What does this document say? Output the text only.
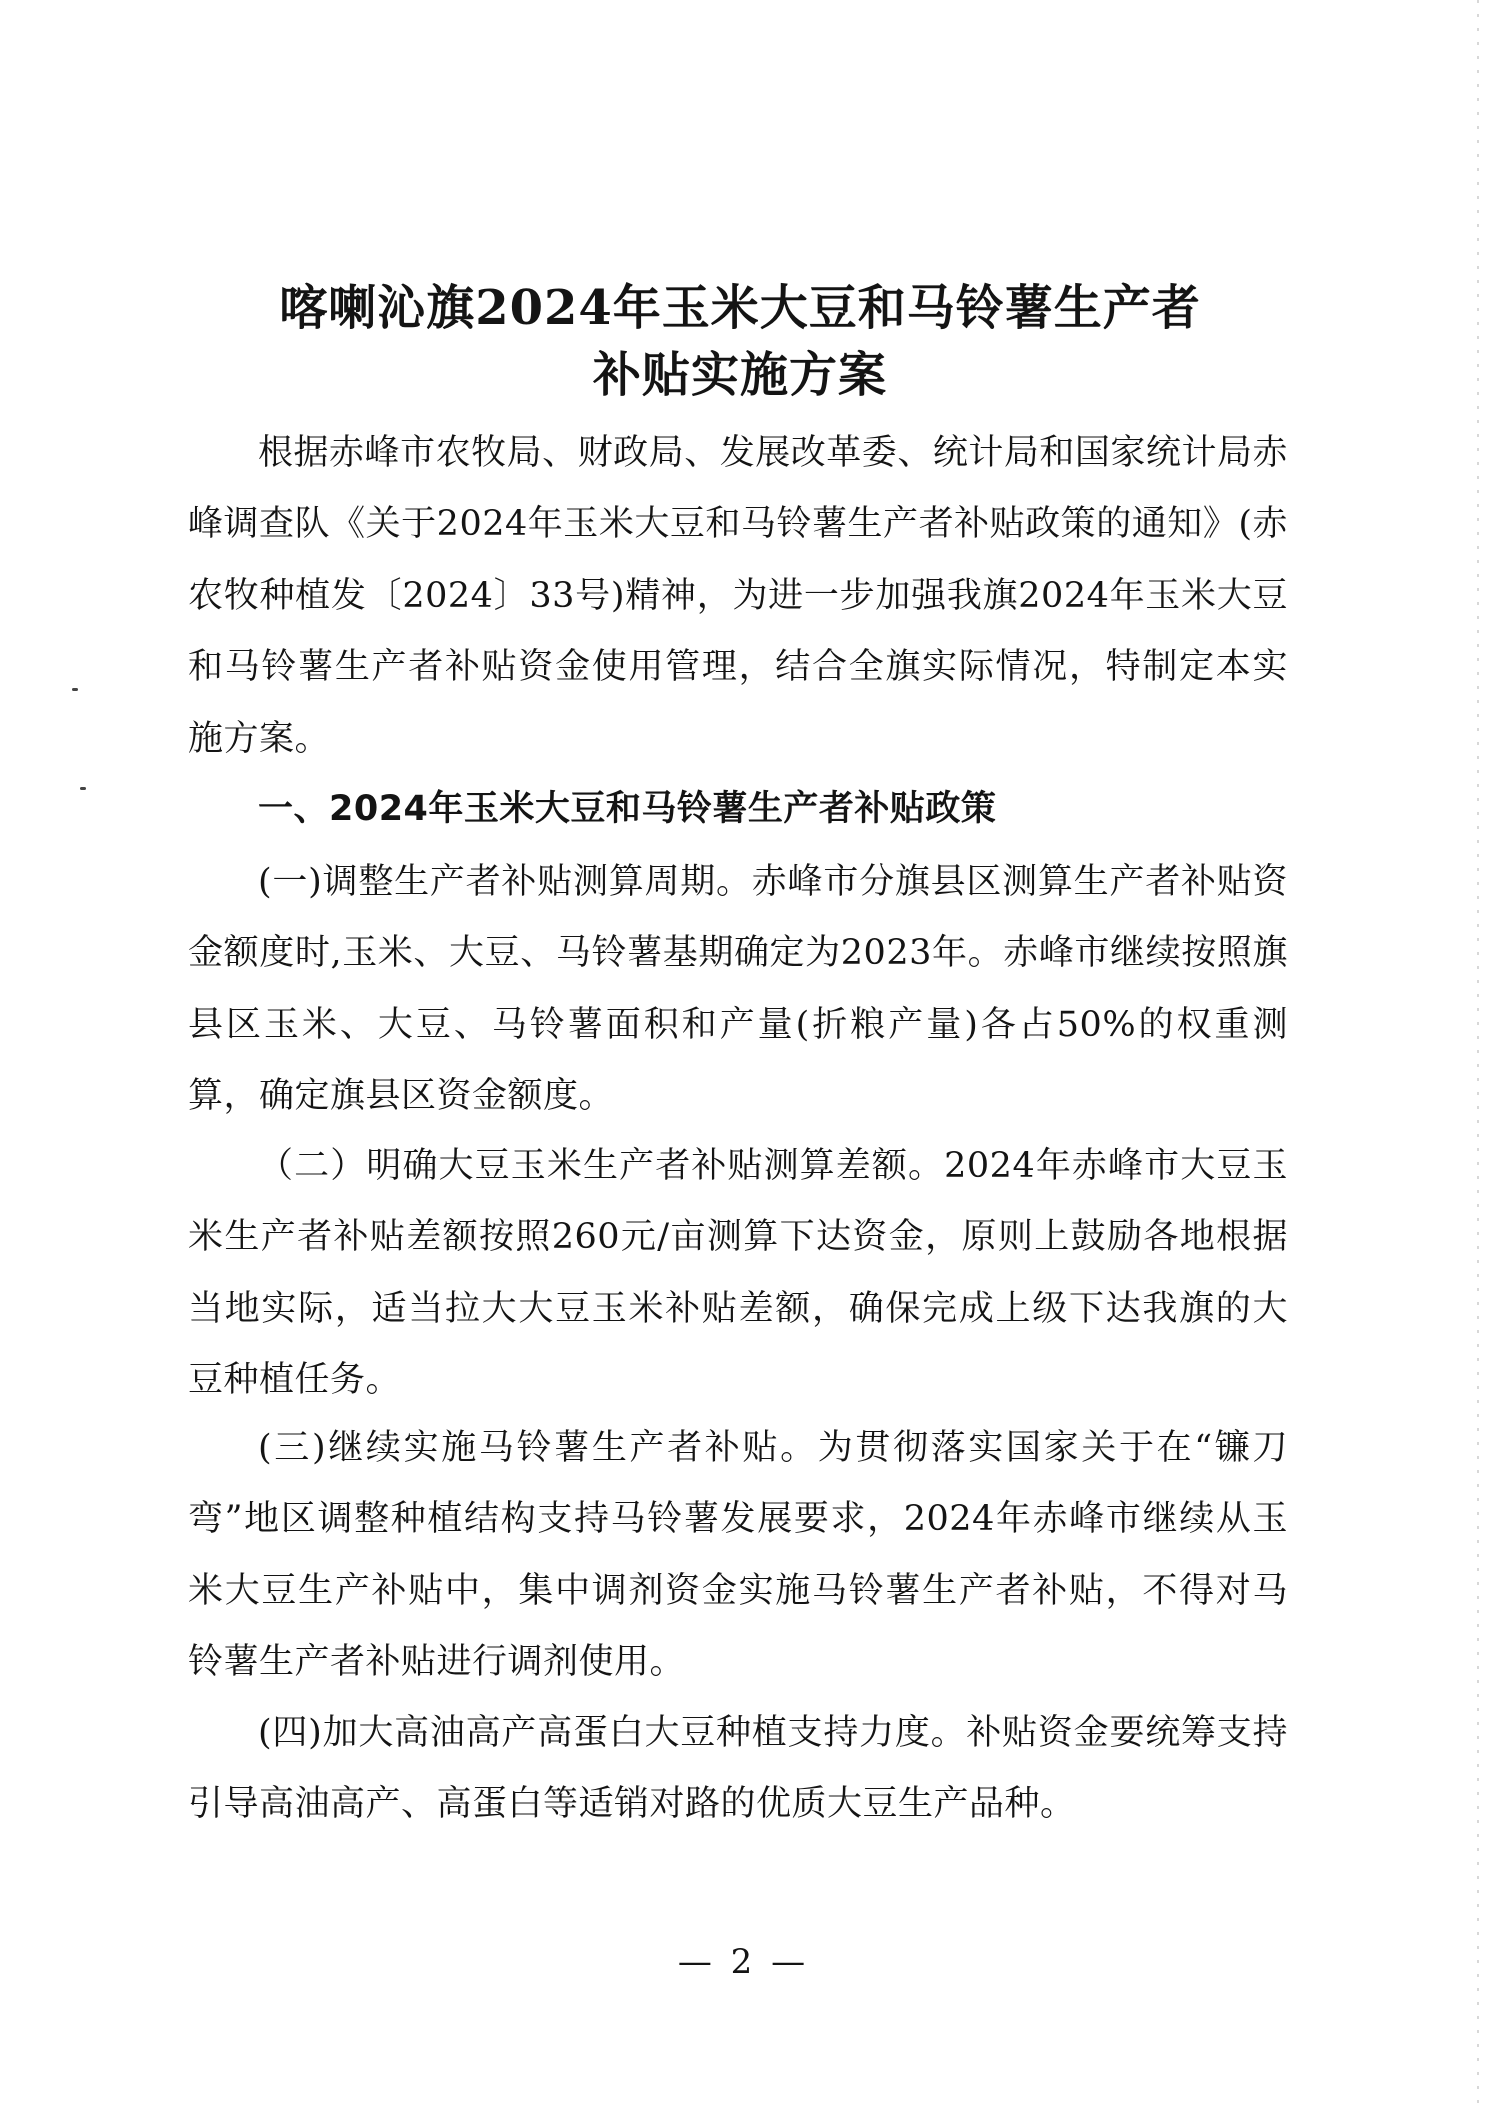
喀喇沁旗2024年玉米大豆和马铃薯生产者
补贴实施方案

根据赤峰市农牧局、财政局、发展改革委、统计局和国家统计局赤峰调查队《关于2024年玉米大豆和马铃薯生产者补贴政策的通知》(赤农牧种植发〔2024〕33号)精神，为进一步加强我旗2024年玉米大豆和马铃薯生产者补贴资金使用管理，结合全旗实际情况，特制定本实施方案。

一、2024年玉米大豆和马铃薯生产者补贴政策

(一)调整生产者补贴测算周期。赤峰市分旗县区测算生产者补贴资金额度时,玉米、大豆、马铃薯基期确定为2023年。赤峰市继续按照旗县区玉米、大豆、马铃薯面积和产量(折粮产量)各占50%的权重测算，确定旗县区资金额度。

（二）明确大豆玉米生产者补贴测算差额。2024年赤峰市大豆玉米生产者补贴差额按照260元/亩测算下达资金，原则上鼓励各地根据当地实际，适当拉大大豆玉米补贴差额，确保完成上级下达我旗的大豆种植任务。

(三)继续实施马铃薯生产者补贴。为贯彻落实国家关于在“镰刀弯”地区调整种植结构支持马铃薯发展要求，2024年赤峰市继续从玉米大豆生产补贴中，集中调剂资金实施马铃薯生产者补贴，不得对马铃薯生产者补贴进行调剂使用。

(四)加大高油高产高蛋白大豆种植支持力度。补贴资金要统筹支持引导高油高产、高蛋白等适销对路的优质大豆生产品种。

— 2 —
